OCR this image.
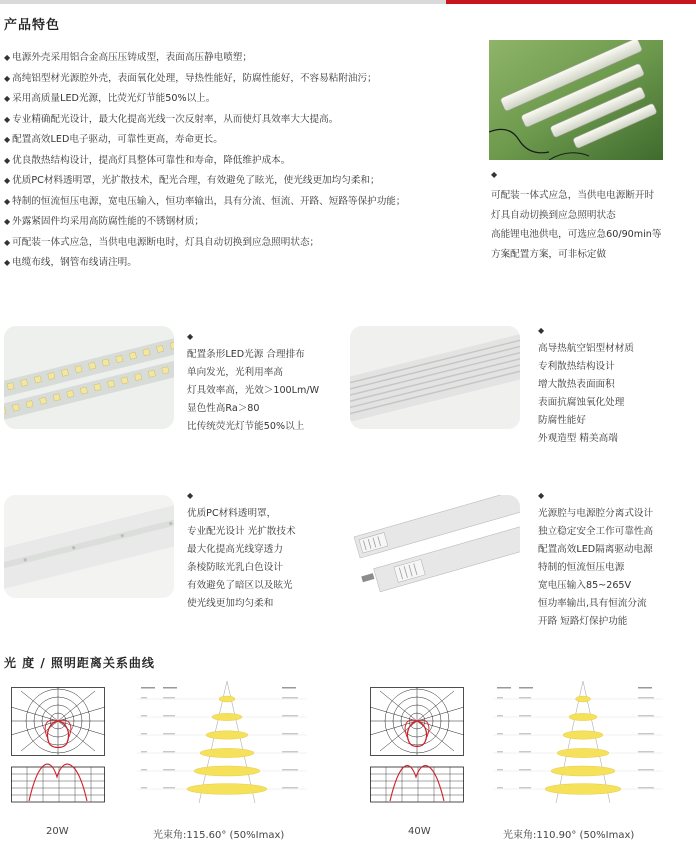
产品特色
◆ 电源外壳采用铝合金高压压铸成型，表面高压静电喷塑；
◆ 高纯铝型材光源腔外壳，表面氧化处理，导热性能好，防腐性能好，不容易粘附油污；
◆ 采用高质量LED光源，比荧光灯节能50%以上。
◆ 专业精确配光设计，最大化提高光线一次反射率，从而使灯具效率大大提高。
◆ 配置高效LED电子驱动，可靠性更高，寿命更长。
◆ 优良散热结构设计，提高灯具整体可靠性和寿命，降低维护成本。
◆ 优质PC材料透明罩，光扩散技术，配光合理，有效避免了眩光，使光线更加均匀柔和；
◆ 特制的恒流恒压电源，宽电压输入，恒功率输出，具有分流、恒流、开路、短路等保护功能；
◆ 外露紧固件均采用高防腐性能的不锈钢材质；
◆ 可配装一体式应急，当供电电源断电时，灯具自动切换到应急照明状态；
◆ 电缆布线，钢管布线请注明。
◆
可配装一体式应急，当供电电源断开时
灯具自动切换到应急照明状态
高能锂电池供电，可选应急60/90min等
方案配置方案，可非标定做
◆
配置条形LED光源 合理排布
单向发光，光利用率高
灯具效率高，光效＞100Lm/W
显色性高Ra＞80
比传统荧光灯节能50%以上
◆
高导热航空铝型材材质
专利散热结构设计
增大散热表面面积
表面抗腐蚀氧化处理
防腐性能好
外观造型 精美高端
◆
优质PC材料透明罩，
专业配光设计 光扩散技术
最大化提高光线穿透力
条棱防眩光乳白色设计
有效避免了暗区以及眩光
使光线更加均匀柔和
◆
光源腔与电源腔分离式设计
独立稳定安全工作可靠性高
配置高效LED隔离驱动电源
特制的恒流恒压电源
宽电压输入85~265V
恒功率输出,具有恒流分流
开路 短路灯保护功能
光 度 / 照明距离关系曲线
20W	光束角:115.60° (50%Imax)	40W	光束角:110.90° (50%Imax)
